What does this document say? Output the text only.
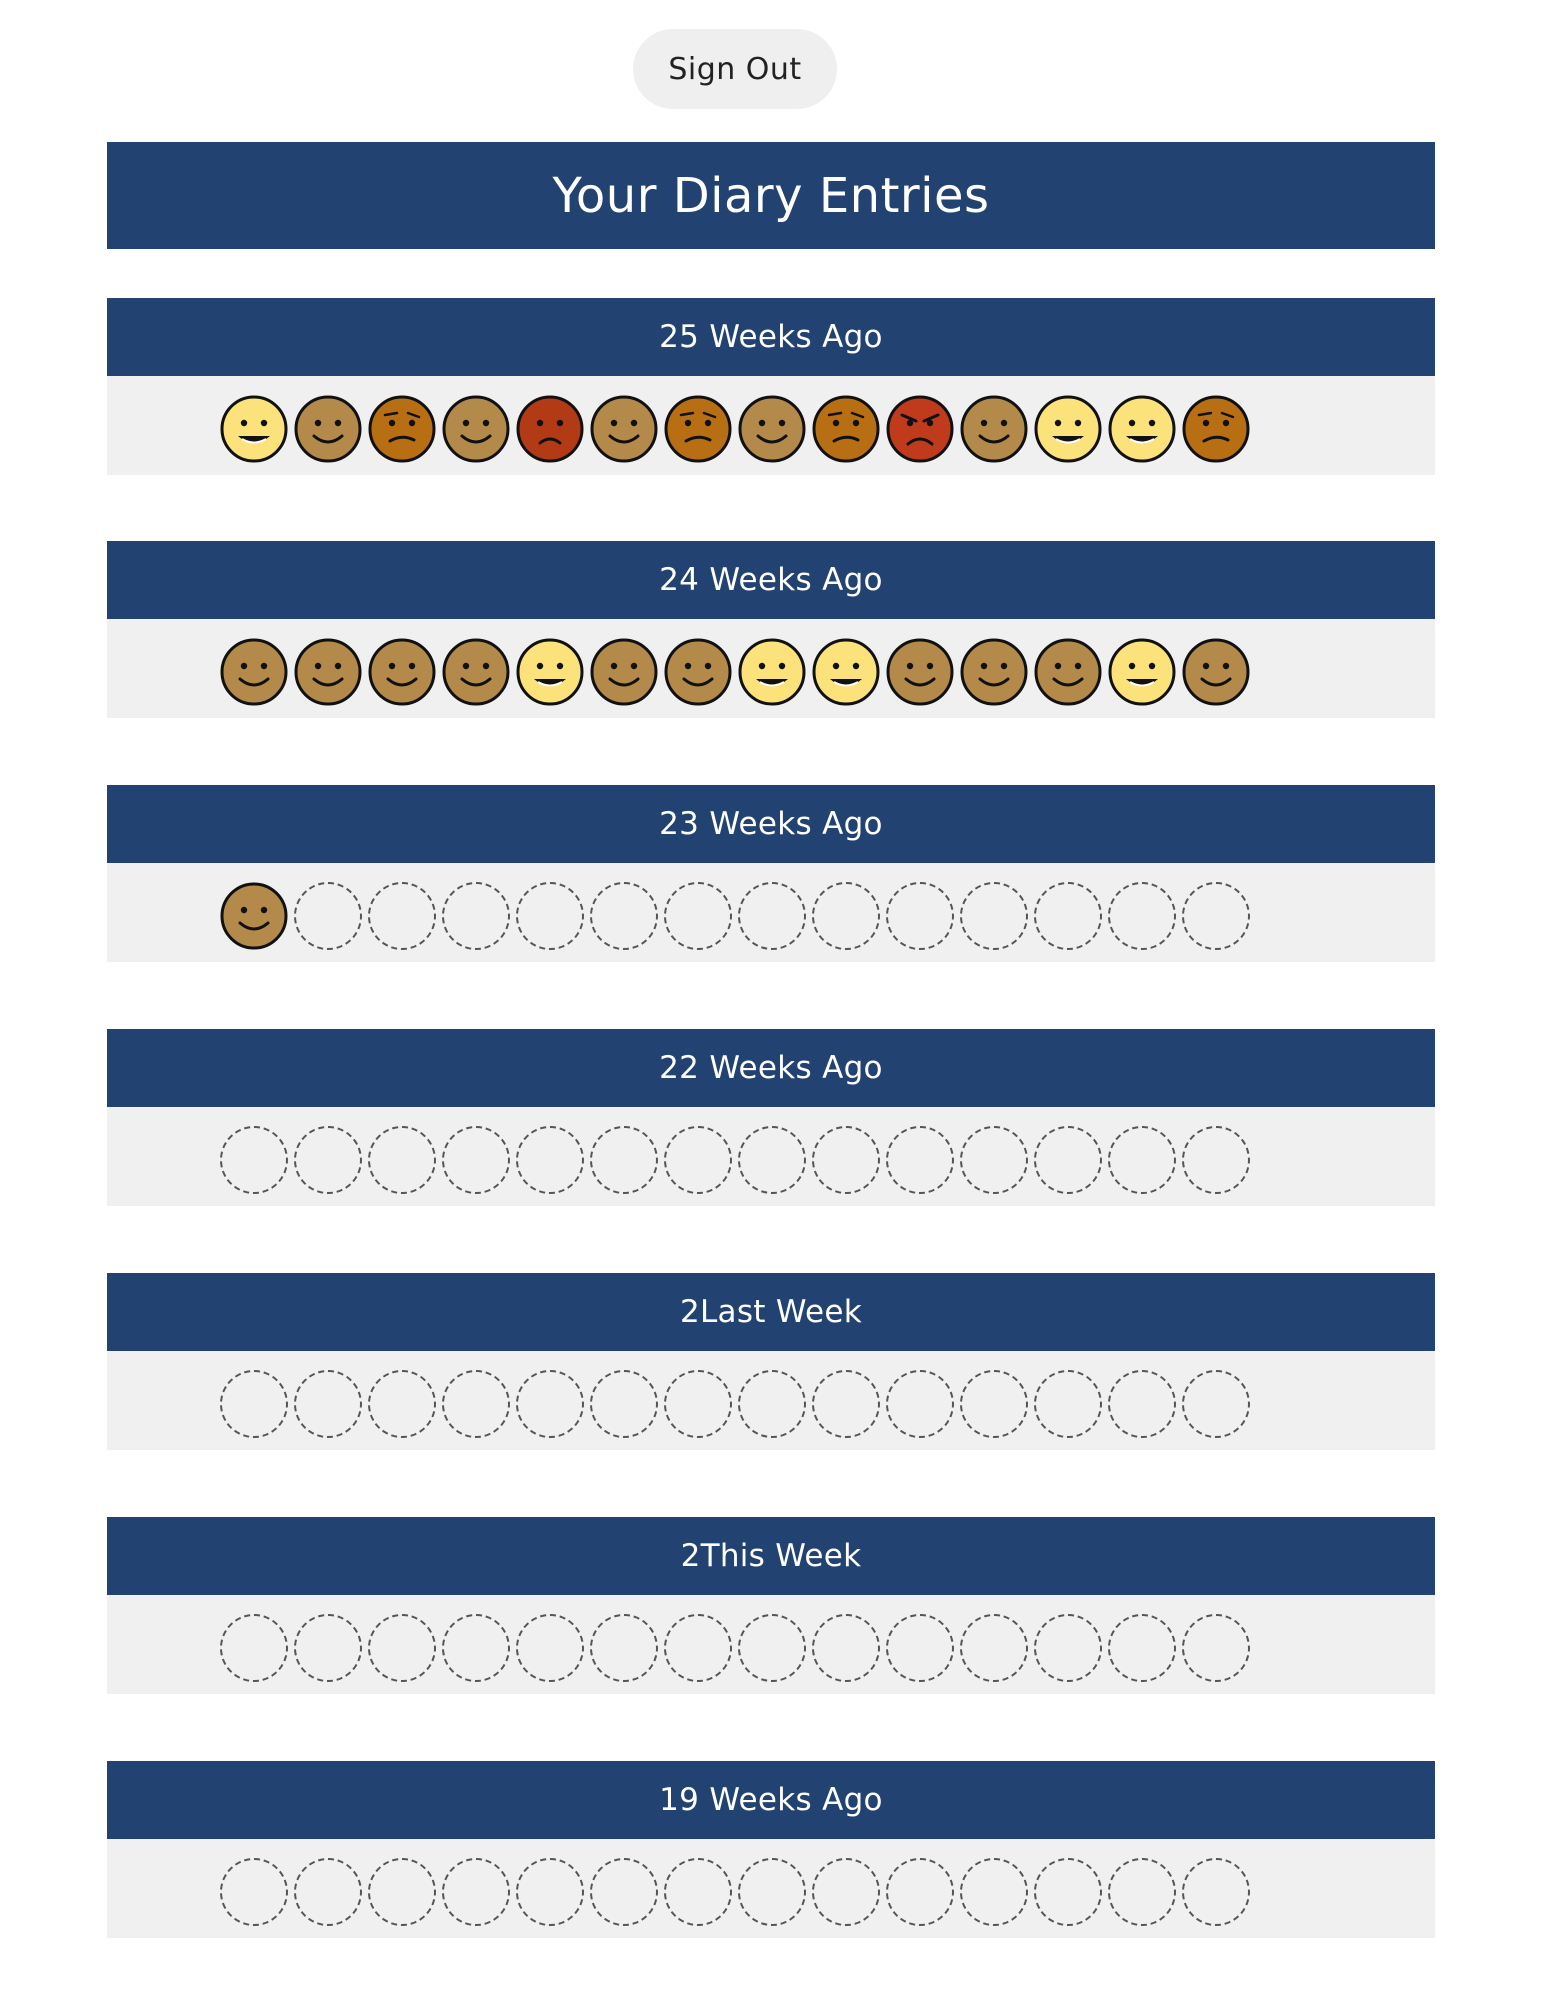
Sign Out
Your Diary Entries
25 Weeks Ago
24 Weeks Ago
23 Weeks Ago
22 Weeks Ago
2Last Week
2This Week
19 Weeks Ago
